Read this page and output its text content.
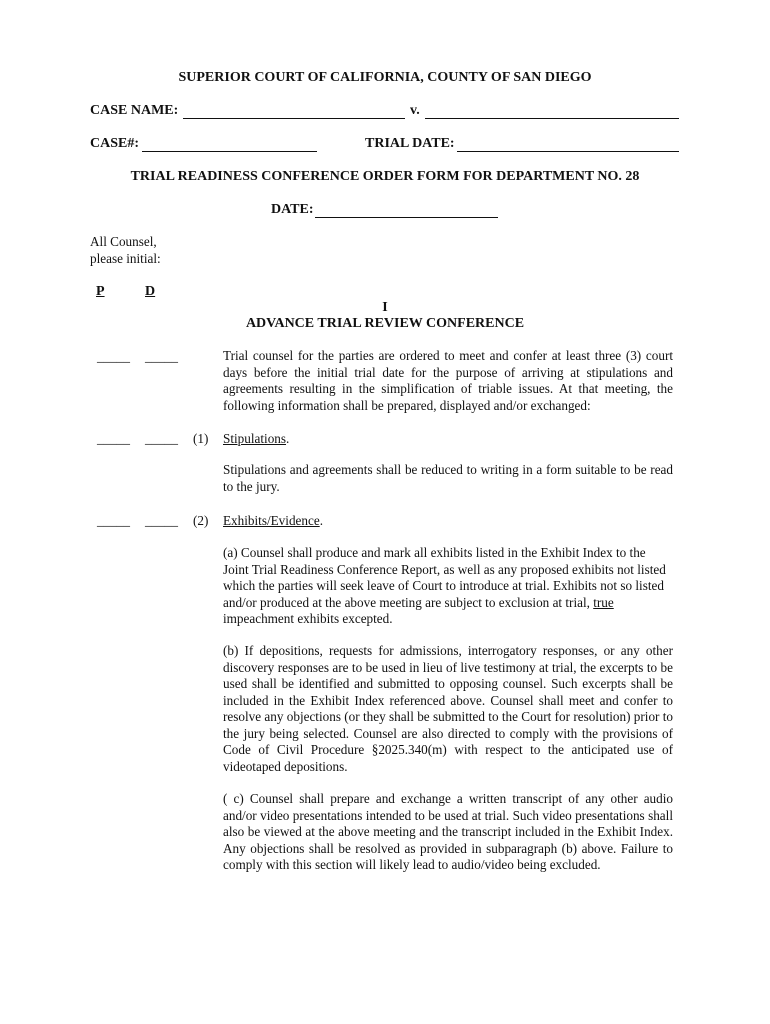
SUPERIOR COURT OF CALIFORNIA, COUNTY OF SAN DIEGO
CASE NAME:	v.
CASE#:	TRIAL DATE:
TRIAL READINESS CONFERENCE ORDER FORM FOR DEPARTMENT NO. 28
DATE:
All Counsel,
please initial:
P	D
I
ADVANCE TRIAL REVIEW CONFERENCE
_____ _____	Trial counsel for the parties are ordered to meet and confer at least three (3) court days before the initial trial date for the purpose of arriving at stipulations and agreements resulting in the simplification of triable issues. At that meeting, the following information shall be prepared, displayed and/or exchanged:
_____ _____ (1) Stipulations.
Stipulations and agreements shall be reduced to writing in a form suitable to be read to the jury.
_____ _____ (2) Exhibits/Evidence.
(a) Counsel shall produce and mark all exhibits listed in the Exhibit Index to the Joint Trial Readiness Conference Report, as well as any proposed exhibits not listed which the parties will seek leave of Court to introduce at trial. Exhibits not so listed and/or produced at the above meeting are subject to exclusion at trial, true impeachment exhibits excepted.
(b) If depositions, requests for admissions, interrogatory responses, or any other discovery responses are to be used in lieu of live testimony at trial, the excerpts to be used shall be identified and submitted to opposing counsel. Such excerpts shall be included in the Exhibit Index referenced above. Counsel shall meet and confer to resolve any objections (or they shall be submitted to the Court for resolution) prior to the jury being selected. Counsel are also directed to comply with the provisions of Code of Civil Procedure §2025.340(m) with respect to the anticipated use of videotaped depositions.
( c) Counsel shall prepare and exchange a written transcript of any other audio and/or video presentations intended to be used at trial. Such video presentations shall also be viewed at the above meeting and the transcript included in the Exhibit Index. Any objections shall be resolved as provided in subparagraph (b) above. Failure to comply with this section will likely lead to audio/video being excluded.
